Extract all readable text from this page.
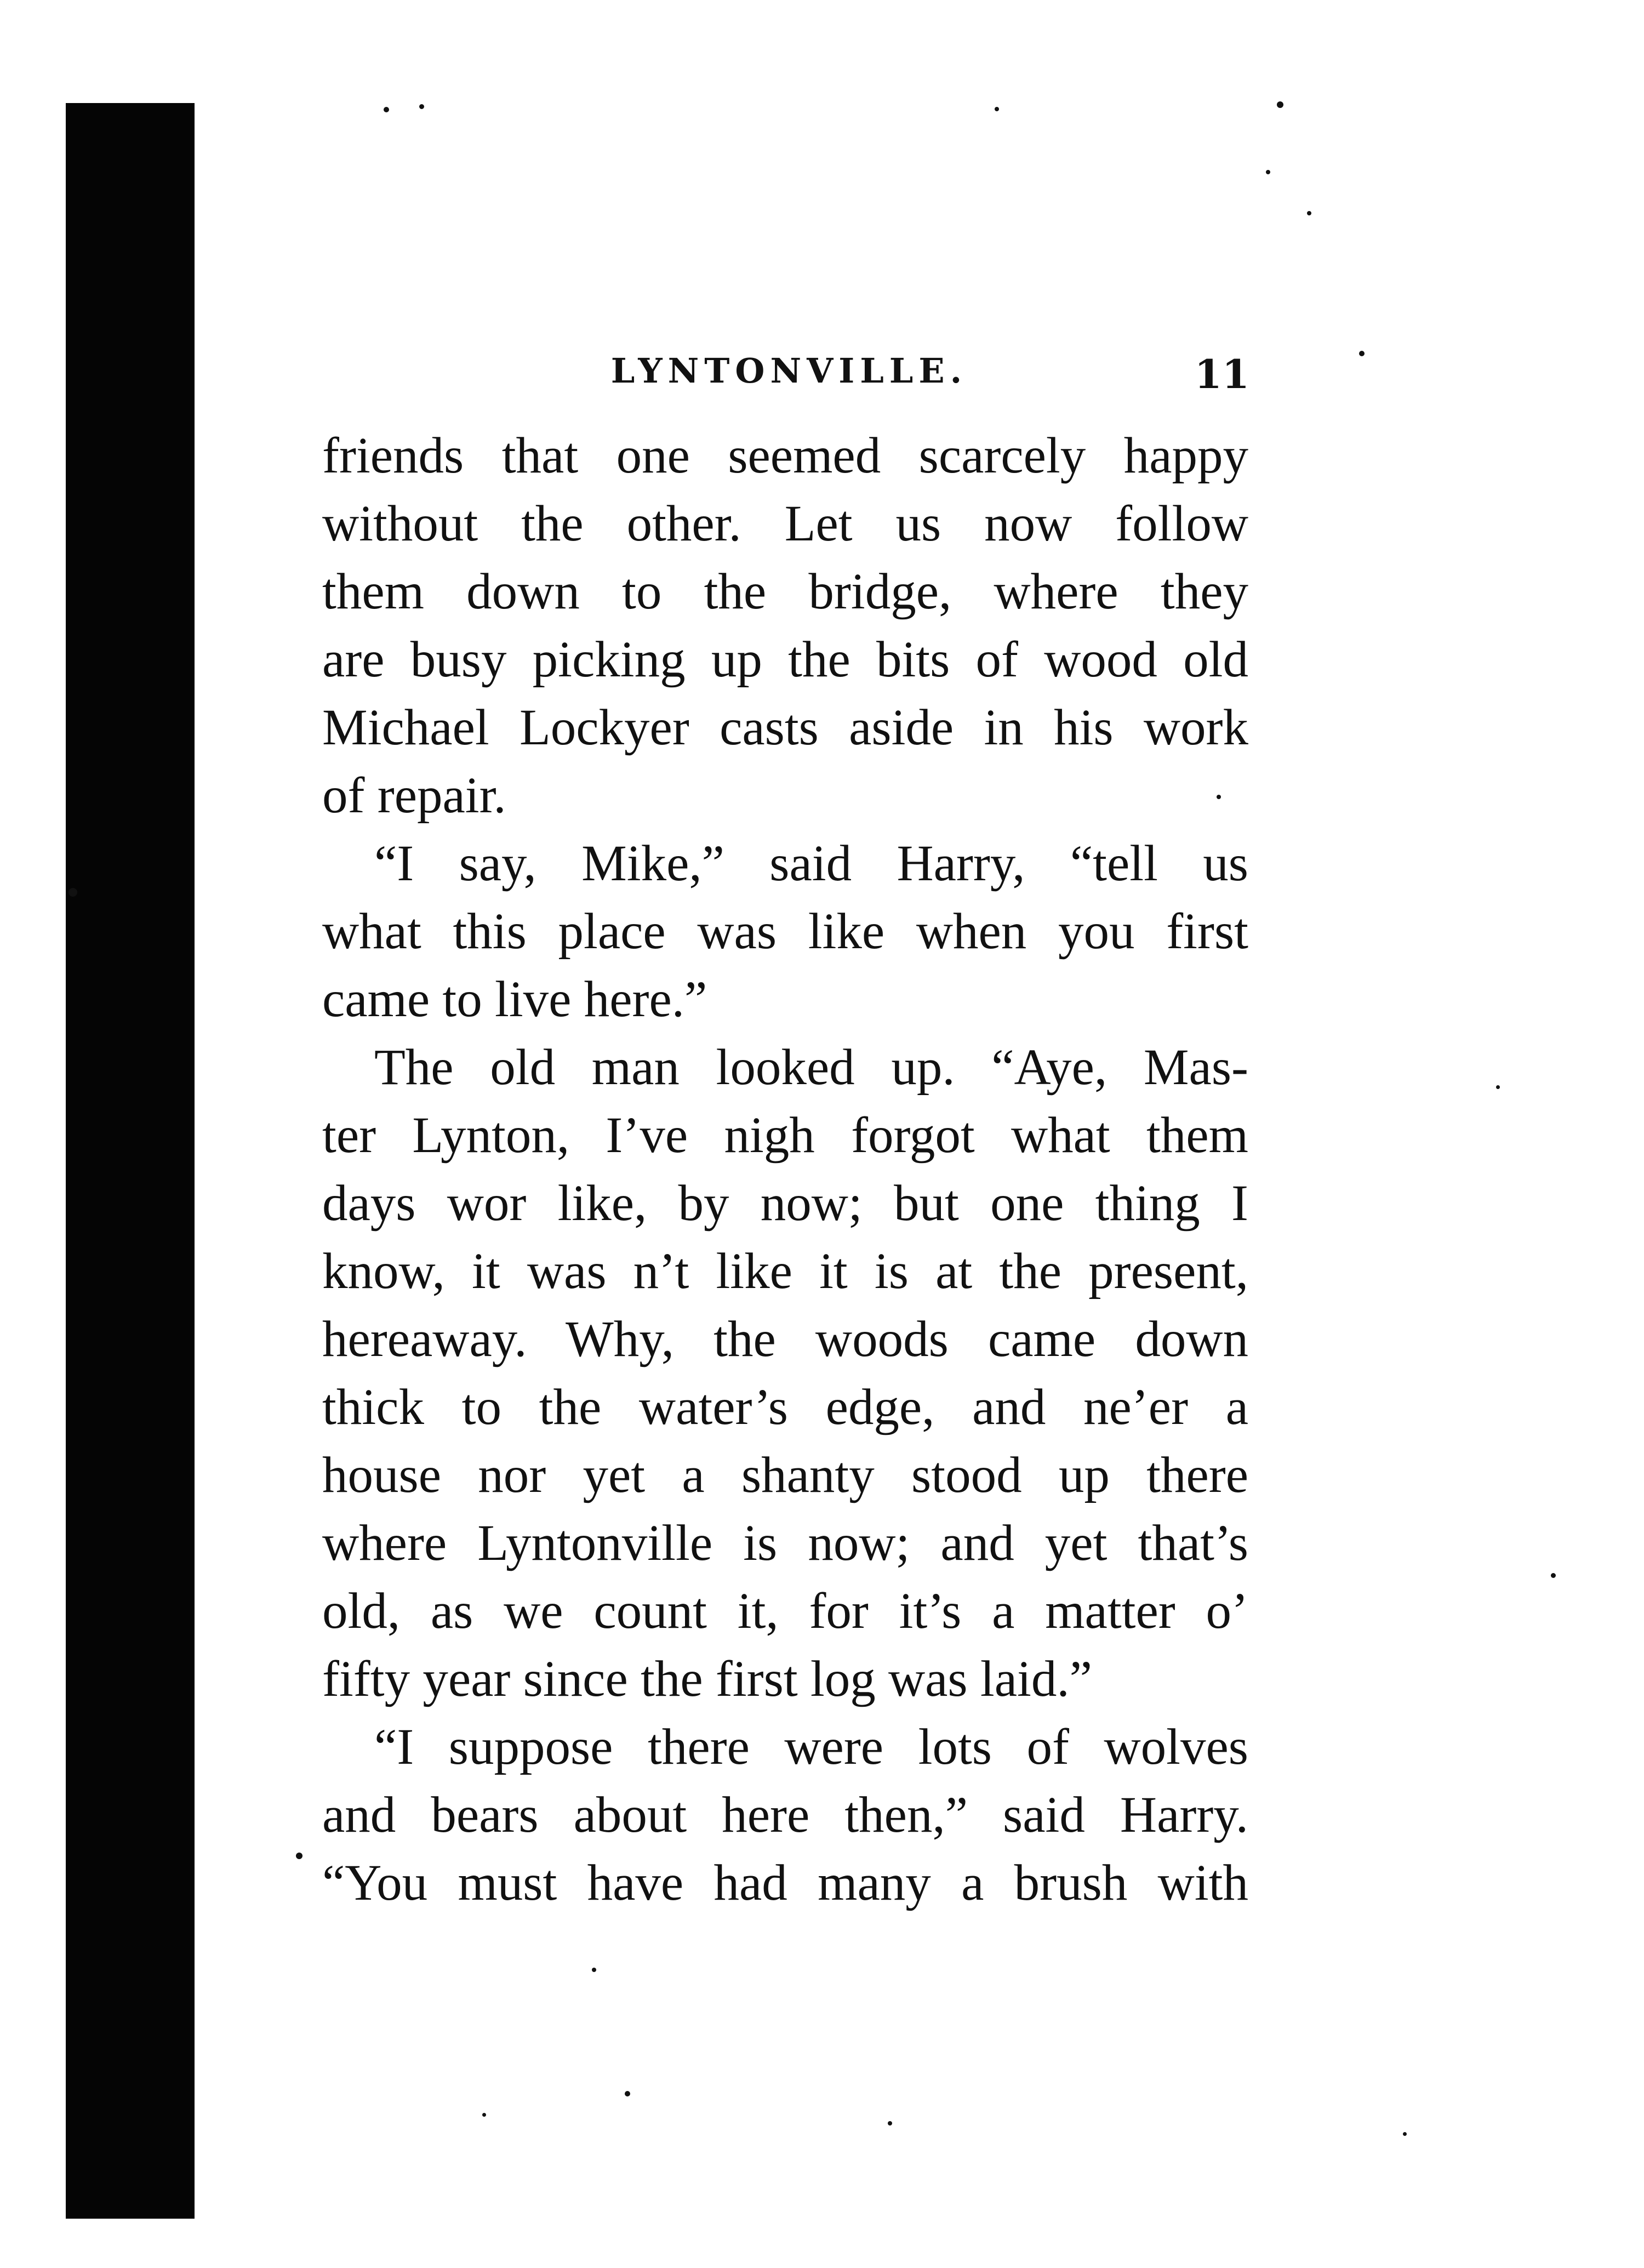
LYNTONVILLE.	11
friends that one seemed scarcely happy
without the other. Let us now follow
them down to the bridge, where they
are busy picking up the bits of wood old
Michael Lockyer casts aside in his work
of repair.
“I say, Mike,” said Harry, “tell us
what this place was like when you first
came to live here.”
The old man looked up. “Aye, Mas-
ter Lynton, I’ve nigh forgot what them
days wor like, by now; but one thing I
know, it was n’t like it is at the present,
hereaway. Why, the woods came down
thick to the water’s edge, and ne’er a
house nor yet a shanty stood up there
where Lyntonville is now; and yet that’s
old, as we count it, for it’s a matter o’
fifty year since the first log was laid.”
“I suppose there were lots of wolves
and bears about here then,” said Harry.
“You must have had many a brush with
